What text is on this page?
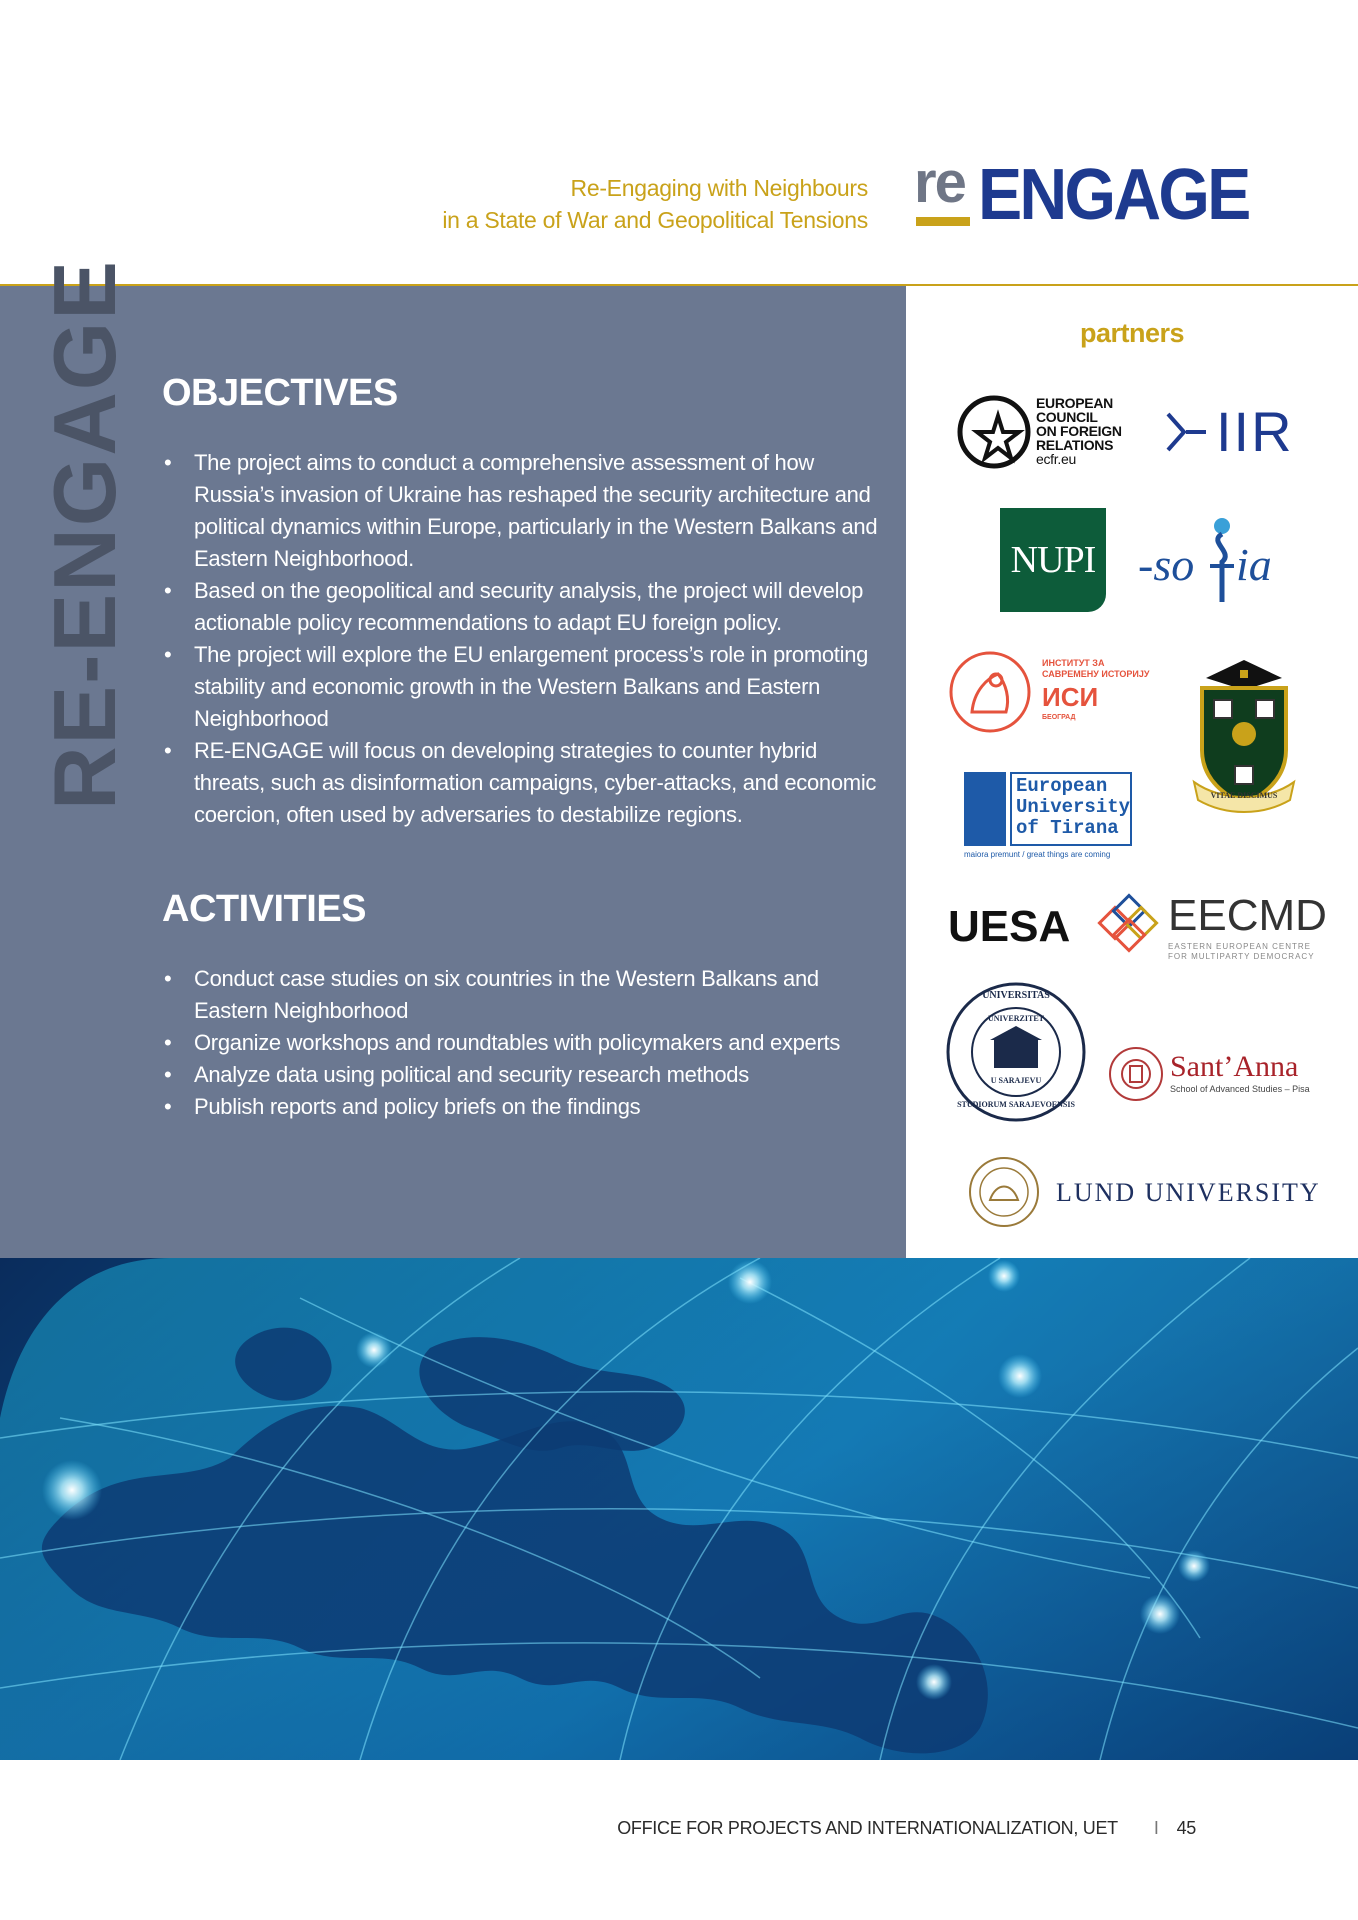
Re-Engaging with Neighbours
in a State of War and Geopolitical Tensions
re ENGAGE
RE-ENGAGE OBJECTIVES
• The project aims to conduct a comprehensive assessment of how Russia’s invasion of Ukraine has reshaped the security architecture and political dynamics within Europe, particularly in the Western Balkans and Eastern Neighborhood.
• Based on the geopolitical and security analysis, the project will develop actionable policy recommendations to adapt EU foreign policy.
• The project will explore the EU enlargement process’s role in promoting stability and economic growth in the Western Balkans and Eastern Neighborhood
• RE-ENGAGE will focus on developing strategies to counter hybrid threats, such as disinformation campaigns, cyber-attacks, and economic coercion, often used by adversaries to destabilize regions.
ACTIVITIES
• Conduct case studies on six countries in the Western Balkans and Eastern Neighborhood
• Organize workshops and roundtables with policymakers and experts
• Analyze data using political and security research methods
• Publish reports and policy briefs on the findings
partners
EUROPEAN
COUNCIL
ON FOREIGN
RELATIONS
ecfr.eu	IIR
NUPI -so ia
ИНСТИТУТ ЗА
САВРЕМЕНУ ИСТОРИЈУ
ИСИ
БЕОГРАД
VITAE DISCIMUS
European
University
of Tirana
maiora premunt / great things are coming
UESA EECMD
EASTERN EUROPEAN CENTRE
FOR MULTIPARTY DEMOCRACY
UNIVERSITAS
UNIVERZITET
U SARAJEVU
STUDIORUM SARAJEVOENSIS
Sant’Anna
School of Advanced Studies – Pisa
LUND UNIVERSITY
OFFICE FOR PROJECTS AND INTERNATIONALIZATION, UET I 45
